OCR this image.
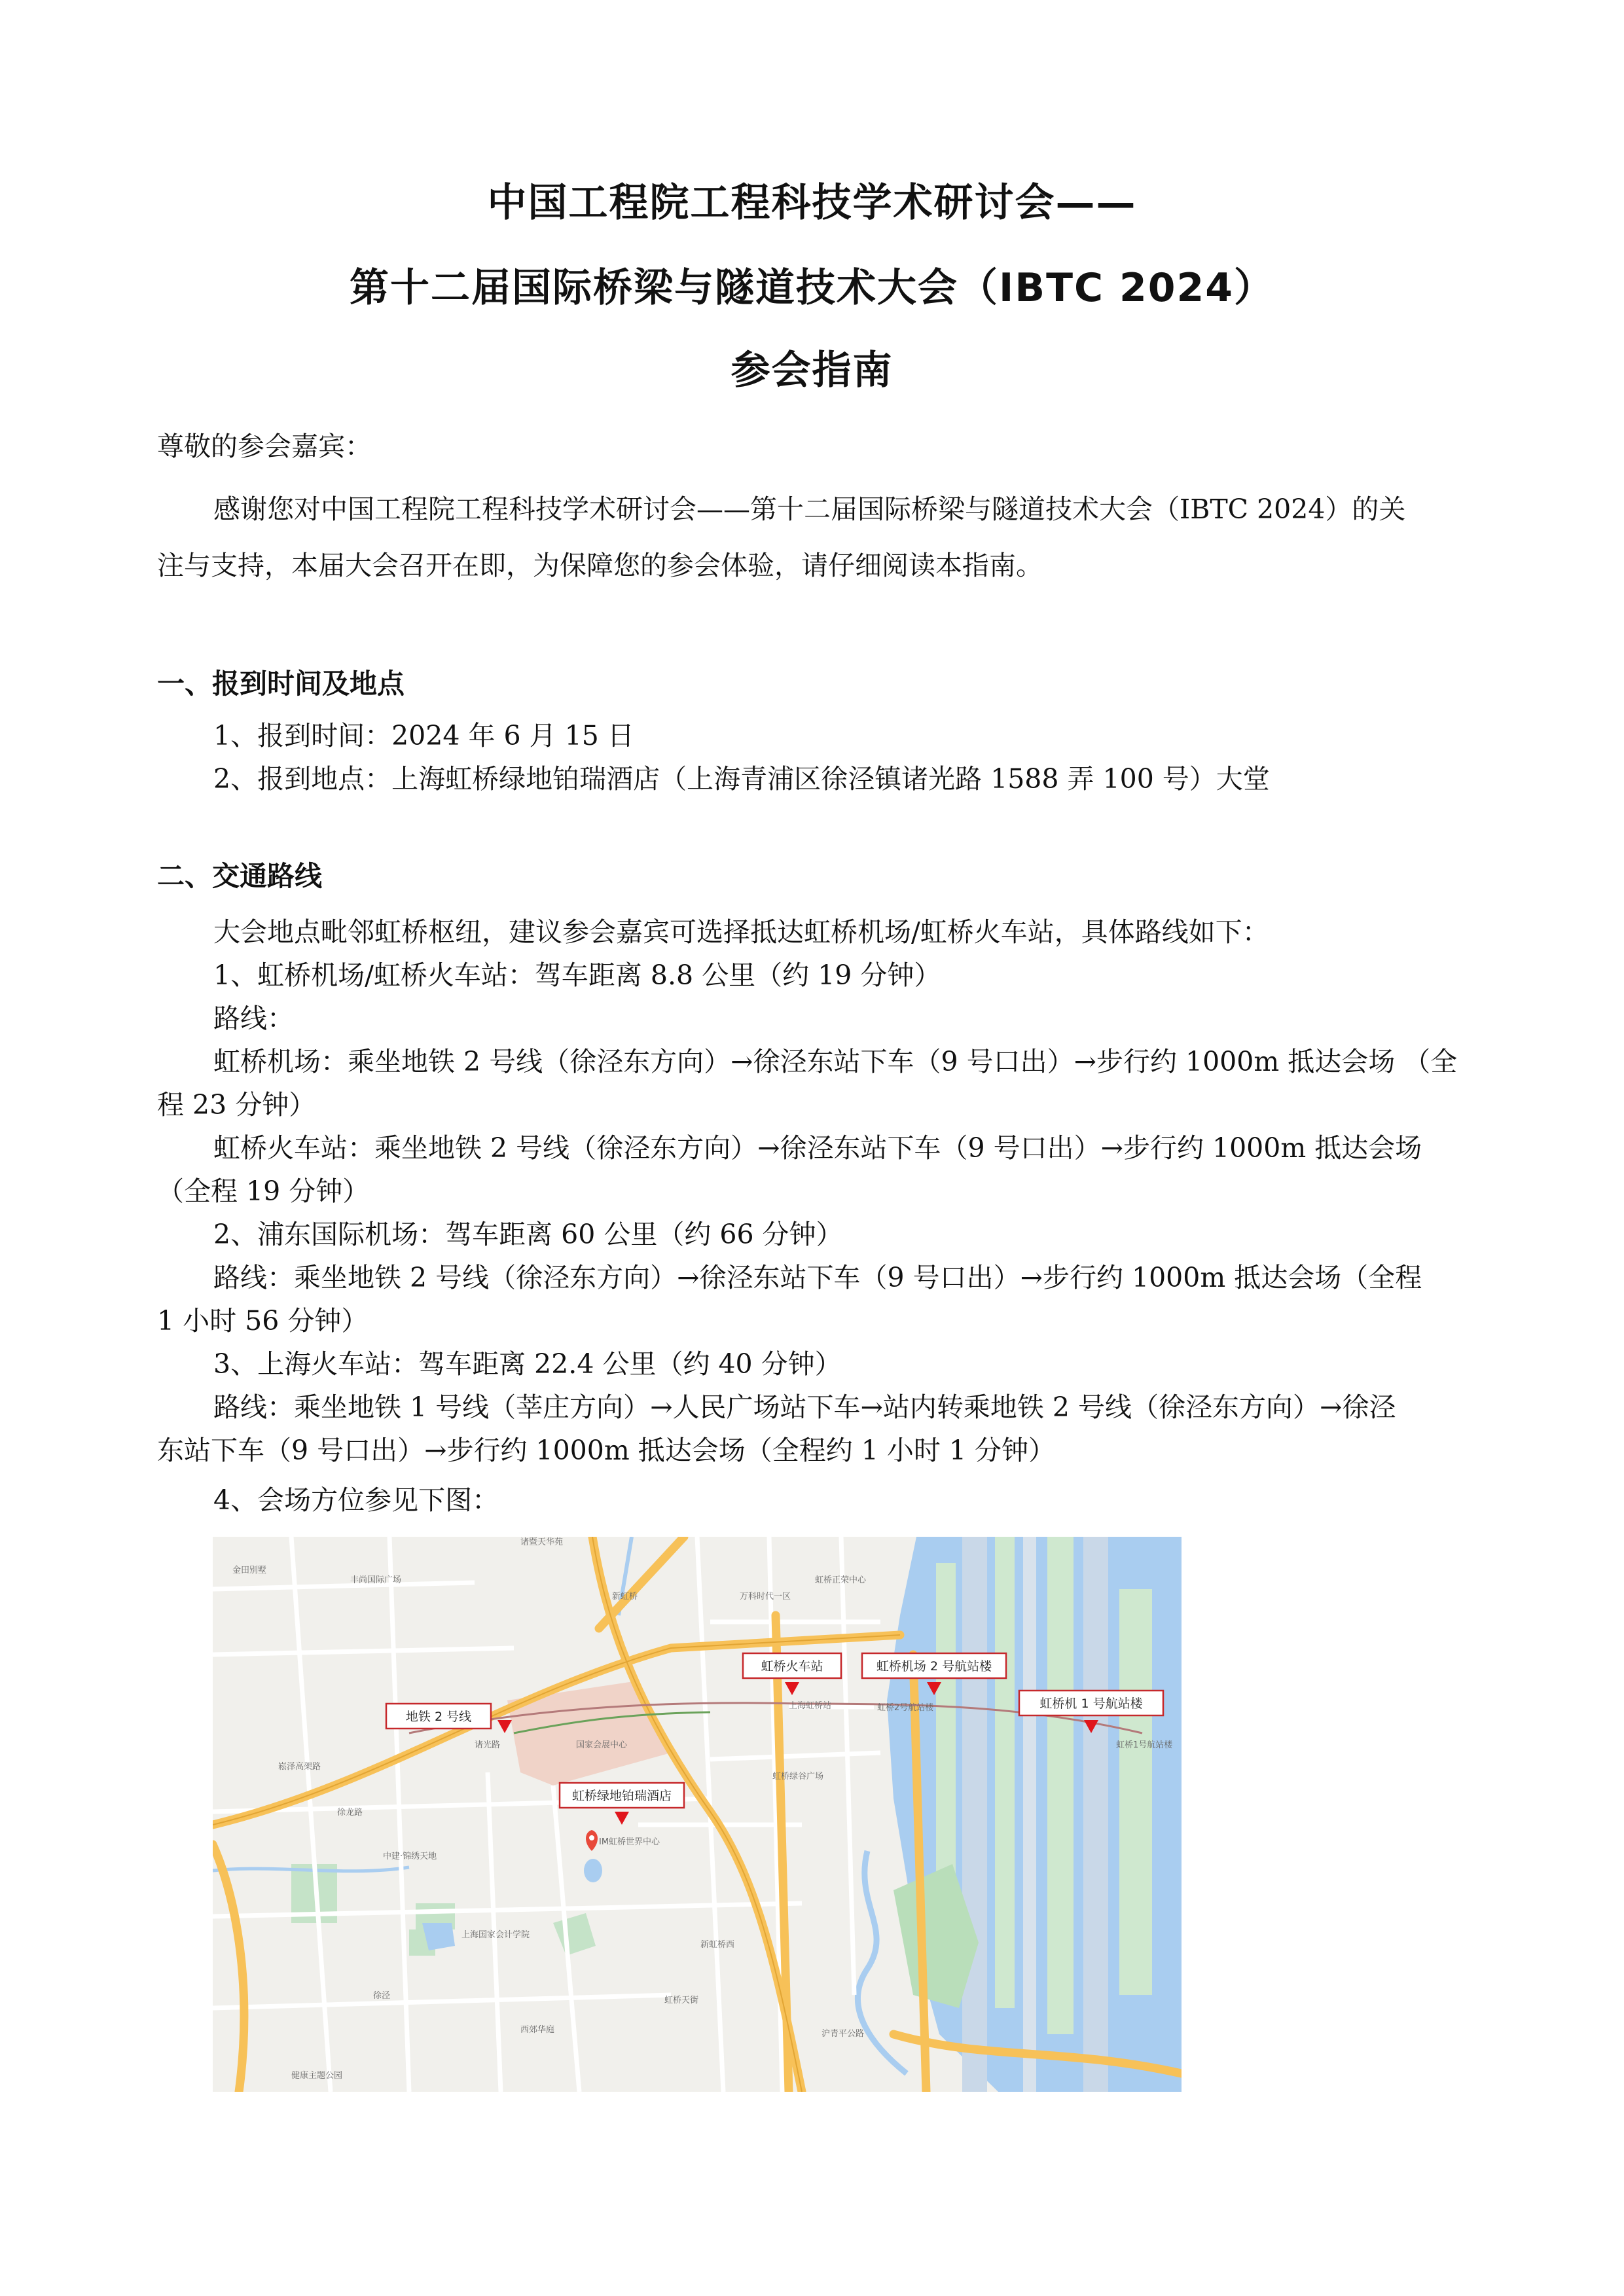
中国工程院工程科技学术研讨会——
第十二届国际桥梁与隧道技术大会（IBTC 2024）
参会指南
尊敬的参会嘉宾：
感谢您对中国工程院工程科技学术研讨会——第十二届国际桥梁与隧道技术大会（IBTC 2024）的关
注与支持，本届大会召开在即，为保障您的参会体验，请仔细阅读本指南。
一、报到时间及地点
1、报到时间：2024 年 6 月 15 日
2、报到地点：上海虹桥绿地铂瑞酒店（上海青浦区徐泾镇诸光路 1588 弄 100 号）大堂
二、交通路线
大会地点毗邻虹桥枢纽，建议参会嘉宾可选择抵达虹桥机场/虹桥火车站，具体路线如下：
1、虹桥机场/虹桥火车站：驾车距离 8.8 公里（约 19 分钟）
路线：
虹桥机场：乘坐地铁 2 号线（徐泾东方向）→徐泾东站下车（9 号口出）→步行约 1000m 抵达会场 （全
程 23 分钟）
虹桥火车站：乘坐地铁 2 号线（徐泾东方向）→徐泾东站下车（9 号口出）→步行约 1000m 抵达会场
（全程 19 分钟）
2、浦东国际机场：驾车距离 60 公里（约 66 分钟）
路线：乘坐地铁 2 号线（徐泾东方向）→徐泾东站下车（9 号口出）→步行约 1000m 抵达会场（全程
1 小时 56 分钟）
3、上海火车站：驾车距离 22.4 公里（约 40 分钟）
路线：乘坐地铁 1 号线（莘庄方向）→人民广场站下车→站内转乘地铁 2 号线（徐泾东方向）→徐泾
东站下车（9 号口出）→步行约 1000m 抵达会场（全程约 1 小时 1 分钟）
4、会场方位参见下图：
金田别墅
丰尚国际广场
诸暨天华苑
新虹桥	万科时代一区
虹桥正荣中心
诸光路	国家会展中心
上海虹桥站	虹桥2号航站楼
虹桥1号航站楼
虹桥绿谷广场
徐龙路
中建·锦绣天地
IM虹桥世界中心
上海国家会计学院
新虹桥西
虹桥天街
西郊华庭
徐泾
健康主题公园
沪青平公路
崧泽高架路
地铁 2 号线
虹桥绿地铂瑞酒店
虹桥火车站	虹桥机场 2 号航站楼
虹桥机 1 号航站楼
